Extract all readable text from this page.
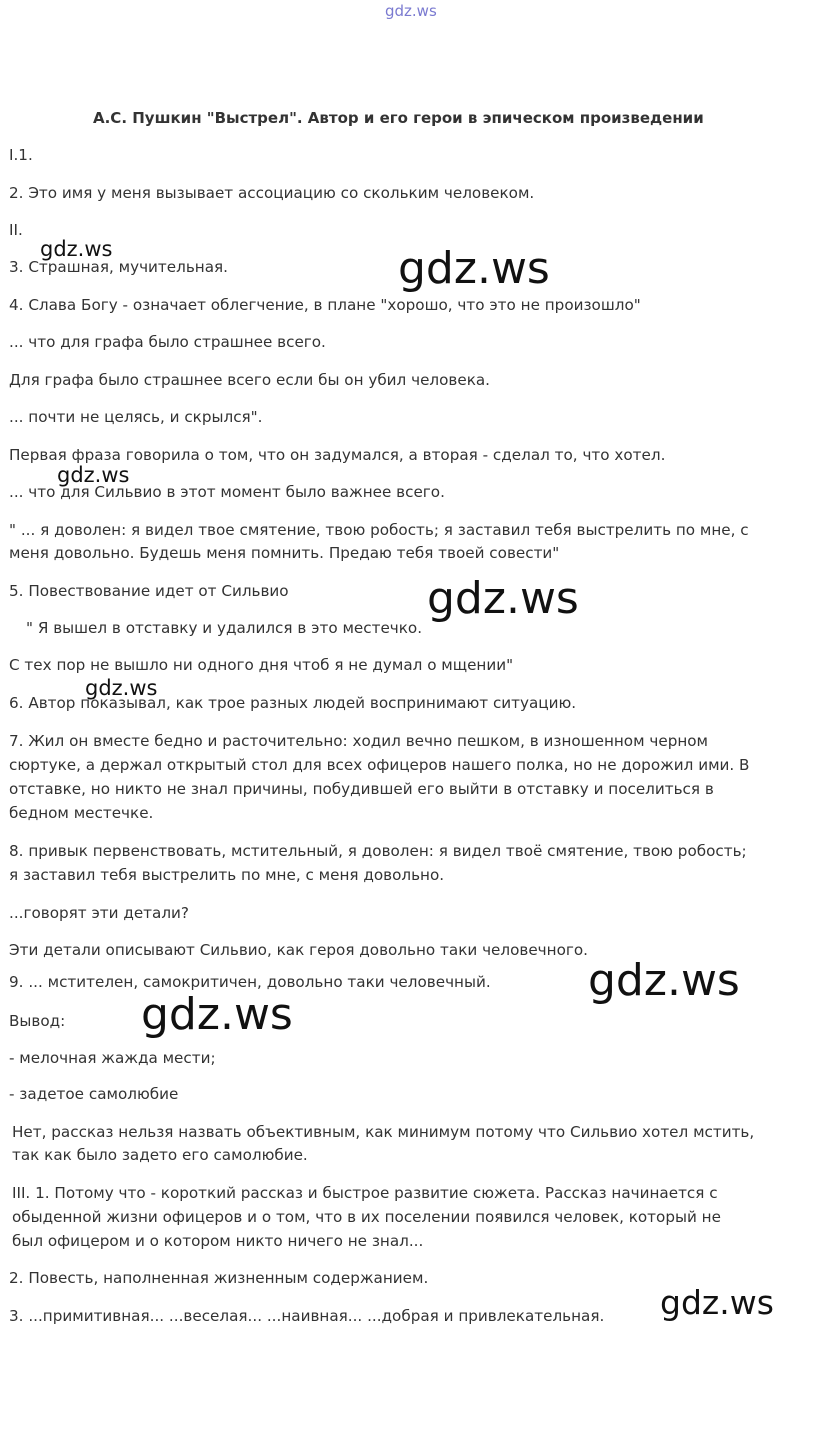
gdz.ws
А.С. Пушкин "Выстрел". Автор и его герои в эпическом произведении
I.1.
2. Это имя у меня вызывает ассоциацию со скольким человеком.
II.
3. Страшная, мучительная.
4. Слава Богу - означает облегчение, в плане "хорошо, что это не произошло"
... что для графа было страшнее всего.
Для графа было страшнее всего если бы он убил человека.
... почти не целясь, и скрылся".
Первая фраза говорила о том, что он задумался, а вторая - сделал то, что хотел.
... что для Сильвио в этот момент было важнее всего.
" ... я доволен: я видел твое смятение, твою робость; я заставил тебя выстрелить по мне, с
меня довольно. Будешь меня помнить. Предаю тебя твоей совести"
5. Повествование идет от Сильвио
" Я вышел в отставку и удалился в это местечко.
С тех пор не вышло ни одного дня чтоб я не думал о мщении"
6. Автор показывал, как трое разных людей воспринимают ситуацию.
7. Жил он вместе бедно и расточительно: ходил вечно пешком, в изношенном черном
сюртуке, а держал открытый стол для всех офицеров нашего полка, но не дорожил ими. В
отставке, но никто не знал причины, побудившей его выйти в отставку и поселиться в
бедном местечке.
8. привык первенствовать, мстительный, я доволен: я видел твоё смятение, твою робость;
я заставил тебя выстрелить по мне, с меня довольно.
...говорят эти детали?
Эти детали описывают Сильвио, как героя довольно таки человечного.
9. ... мстителен, самокритичен, довольно таки человечный.
Вывод:
- мелочная жажда мести;
- задетое самолюбие
Нет, рассказ нельзя назвать объективным, как минимум потому что Сильвио хотел мстить,
так как было задето его самолюбие.
III. 1. Потому что - короткий рассказ и быстрое развитие сюжета. Рассказ начинается с
обыденной жизни офицеров и о том, что в их поселении появился человек, который не
был офицером и о котором никто ничего не знал...
2. Повесть, наполненная жизненным содержанием.
3. ...примитивная... ...веселая... ...наивная... ...добрая и привлекательная.
gdz.ws	gdz.ws
gdz.ws
gdz.ws
gdz.ws
gdz.ws
gdz.ws
gdz.ws
